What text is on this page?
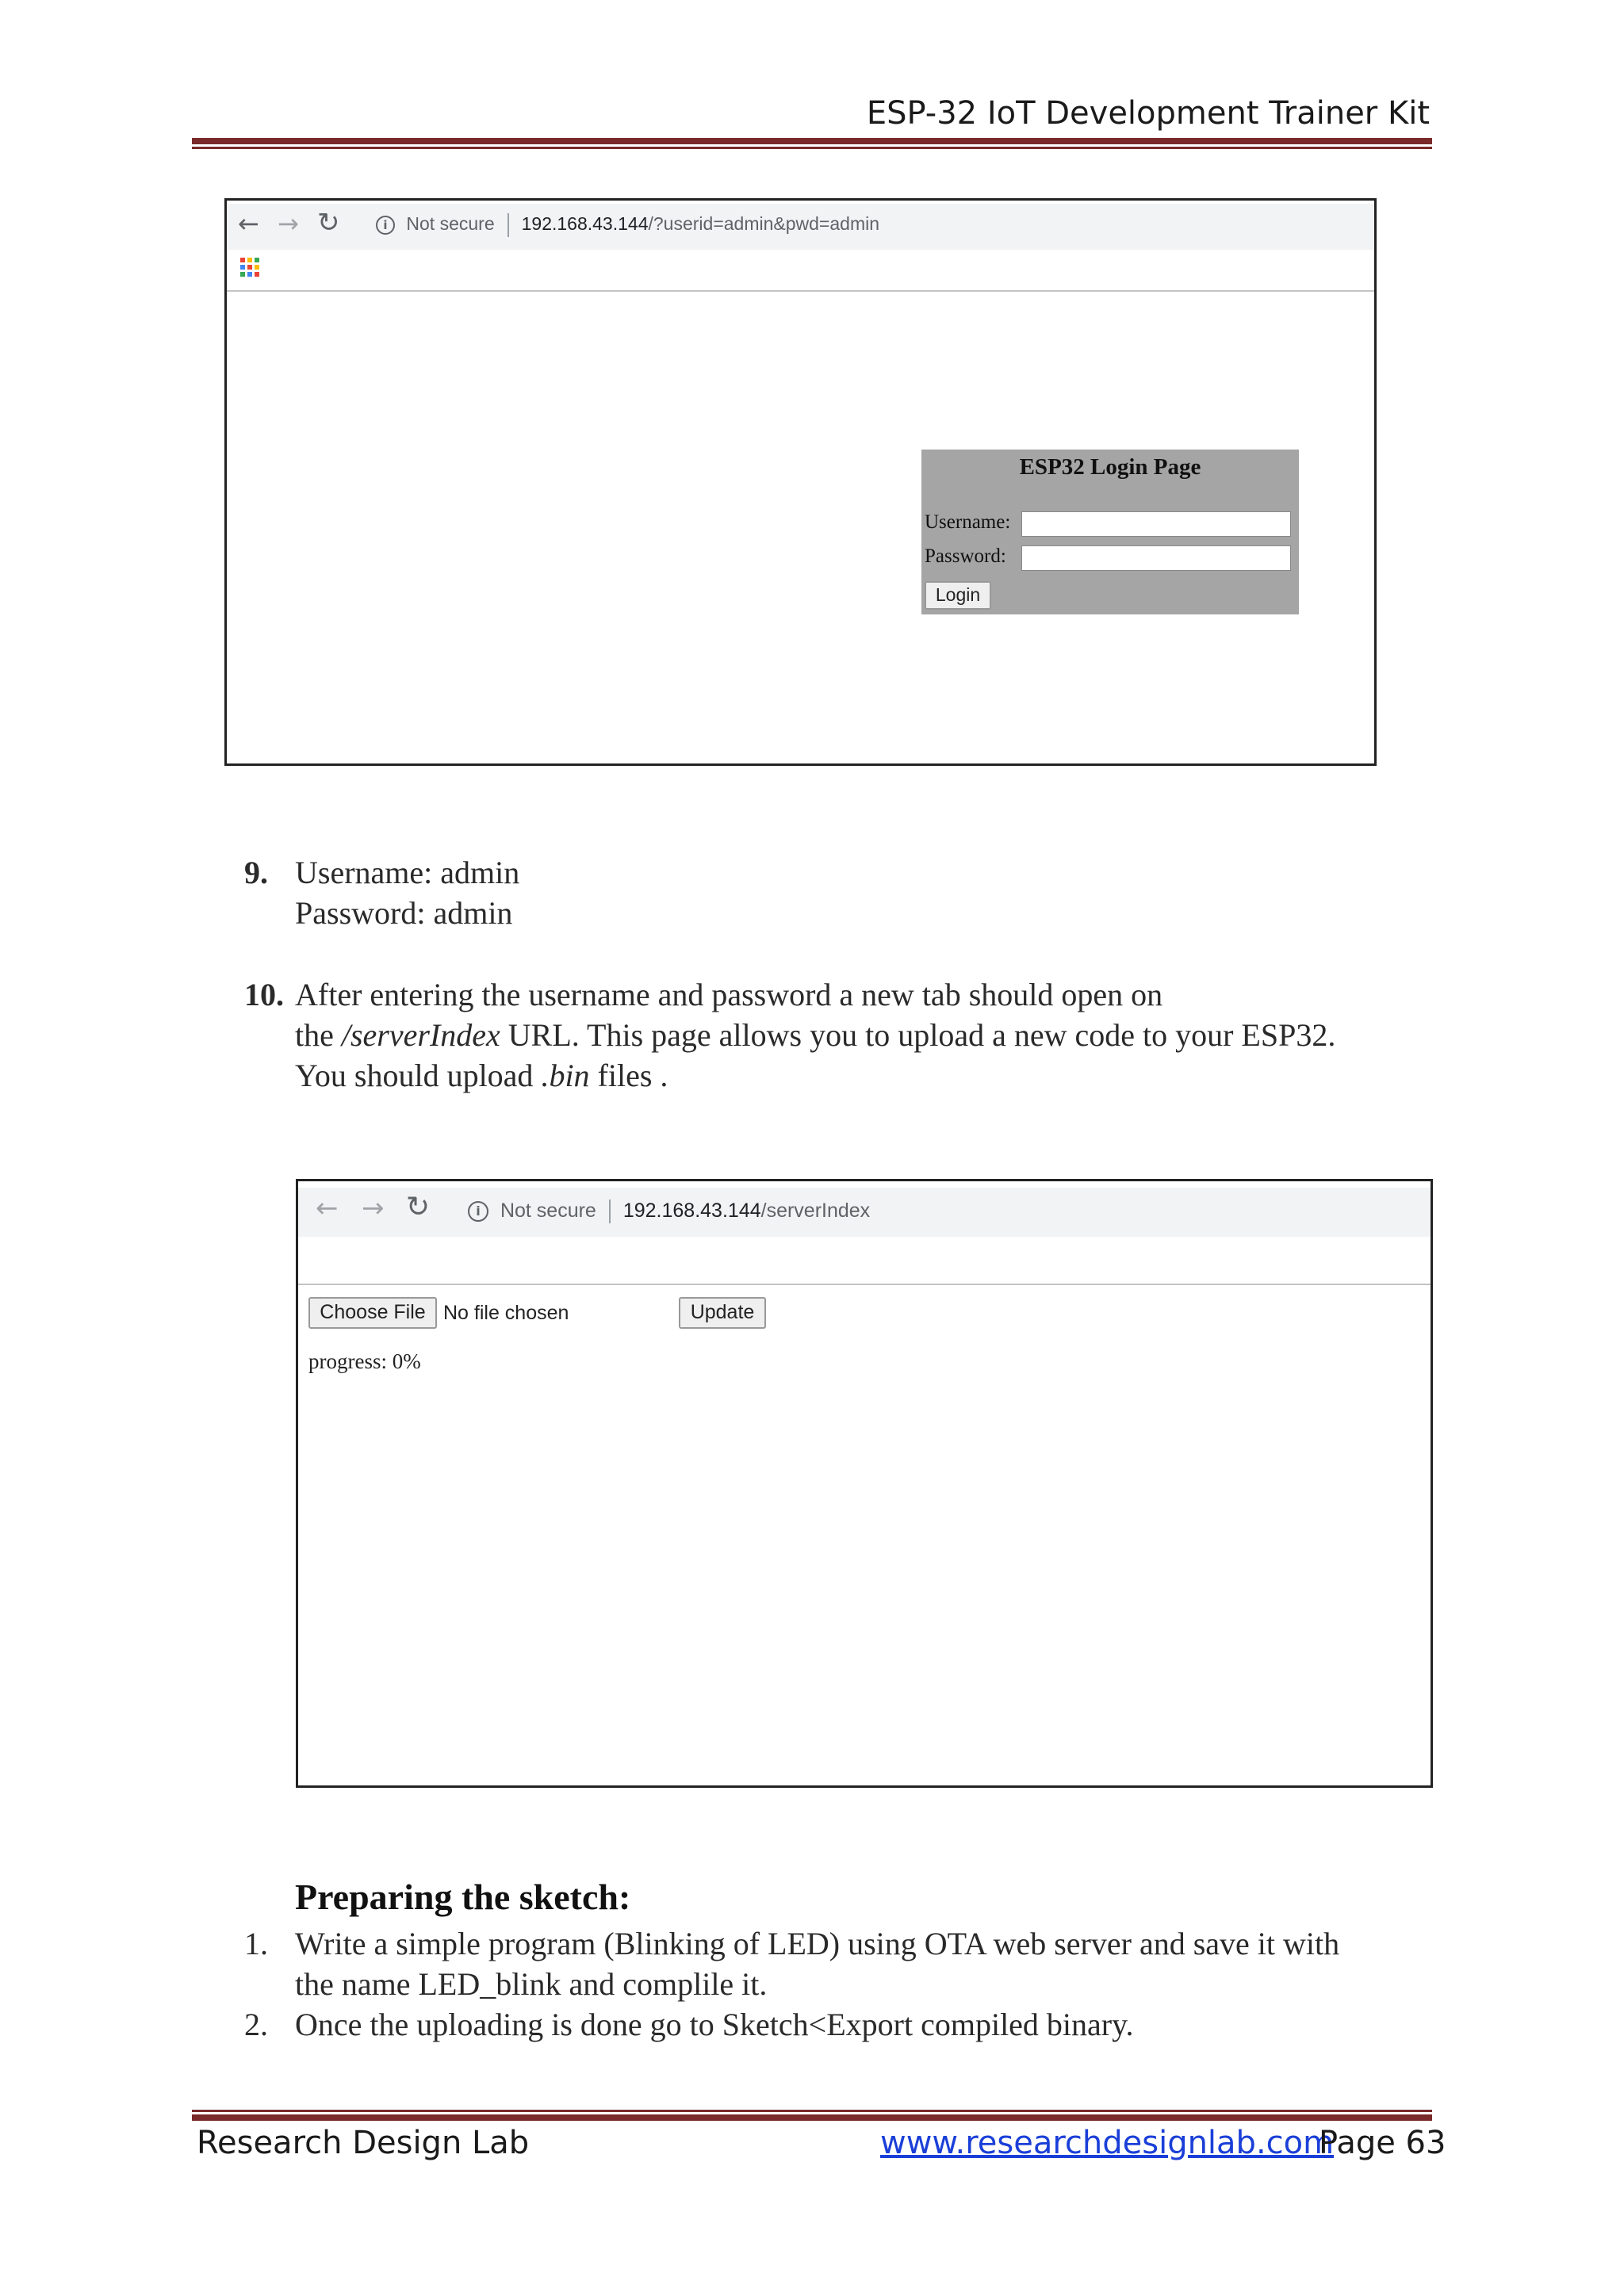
ESP-32 IoT Development Trainer Kit
← → ↻	i Not secure 192.168.43.144/?userid=admin&pwd=admin
ESP32 Login Page
Username:
Password:
Login
9. Username: admin
Password: admin
10. After entering the username and password a new tab should open on
the /serverIndex URL. This page allows you to upload a new code to your ESP32.
You should upload .bin files .
← → ↻	i Not secure 192.168.43.144/serverIndex
Choose File No file chosen	Update
progress: 0%
Preparing the sketch:
1.
2.
Write a simple program (Blinking of LED) using OTA web server and save it with
the name LED_blink and complile it.
Once the uploading is done go to Sketch<Export compiled binary.
Research Design Lab	www.researchdesignlab.com
Page 63
